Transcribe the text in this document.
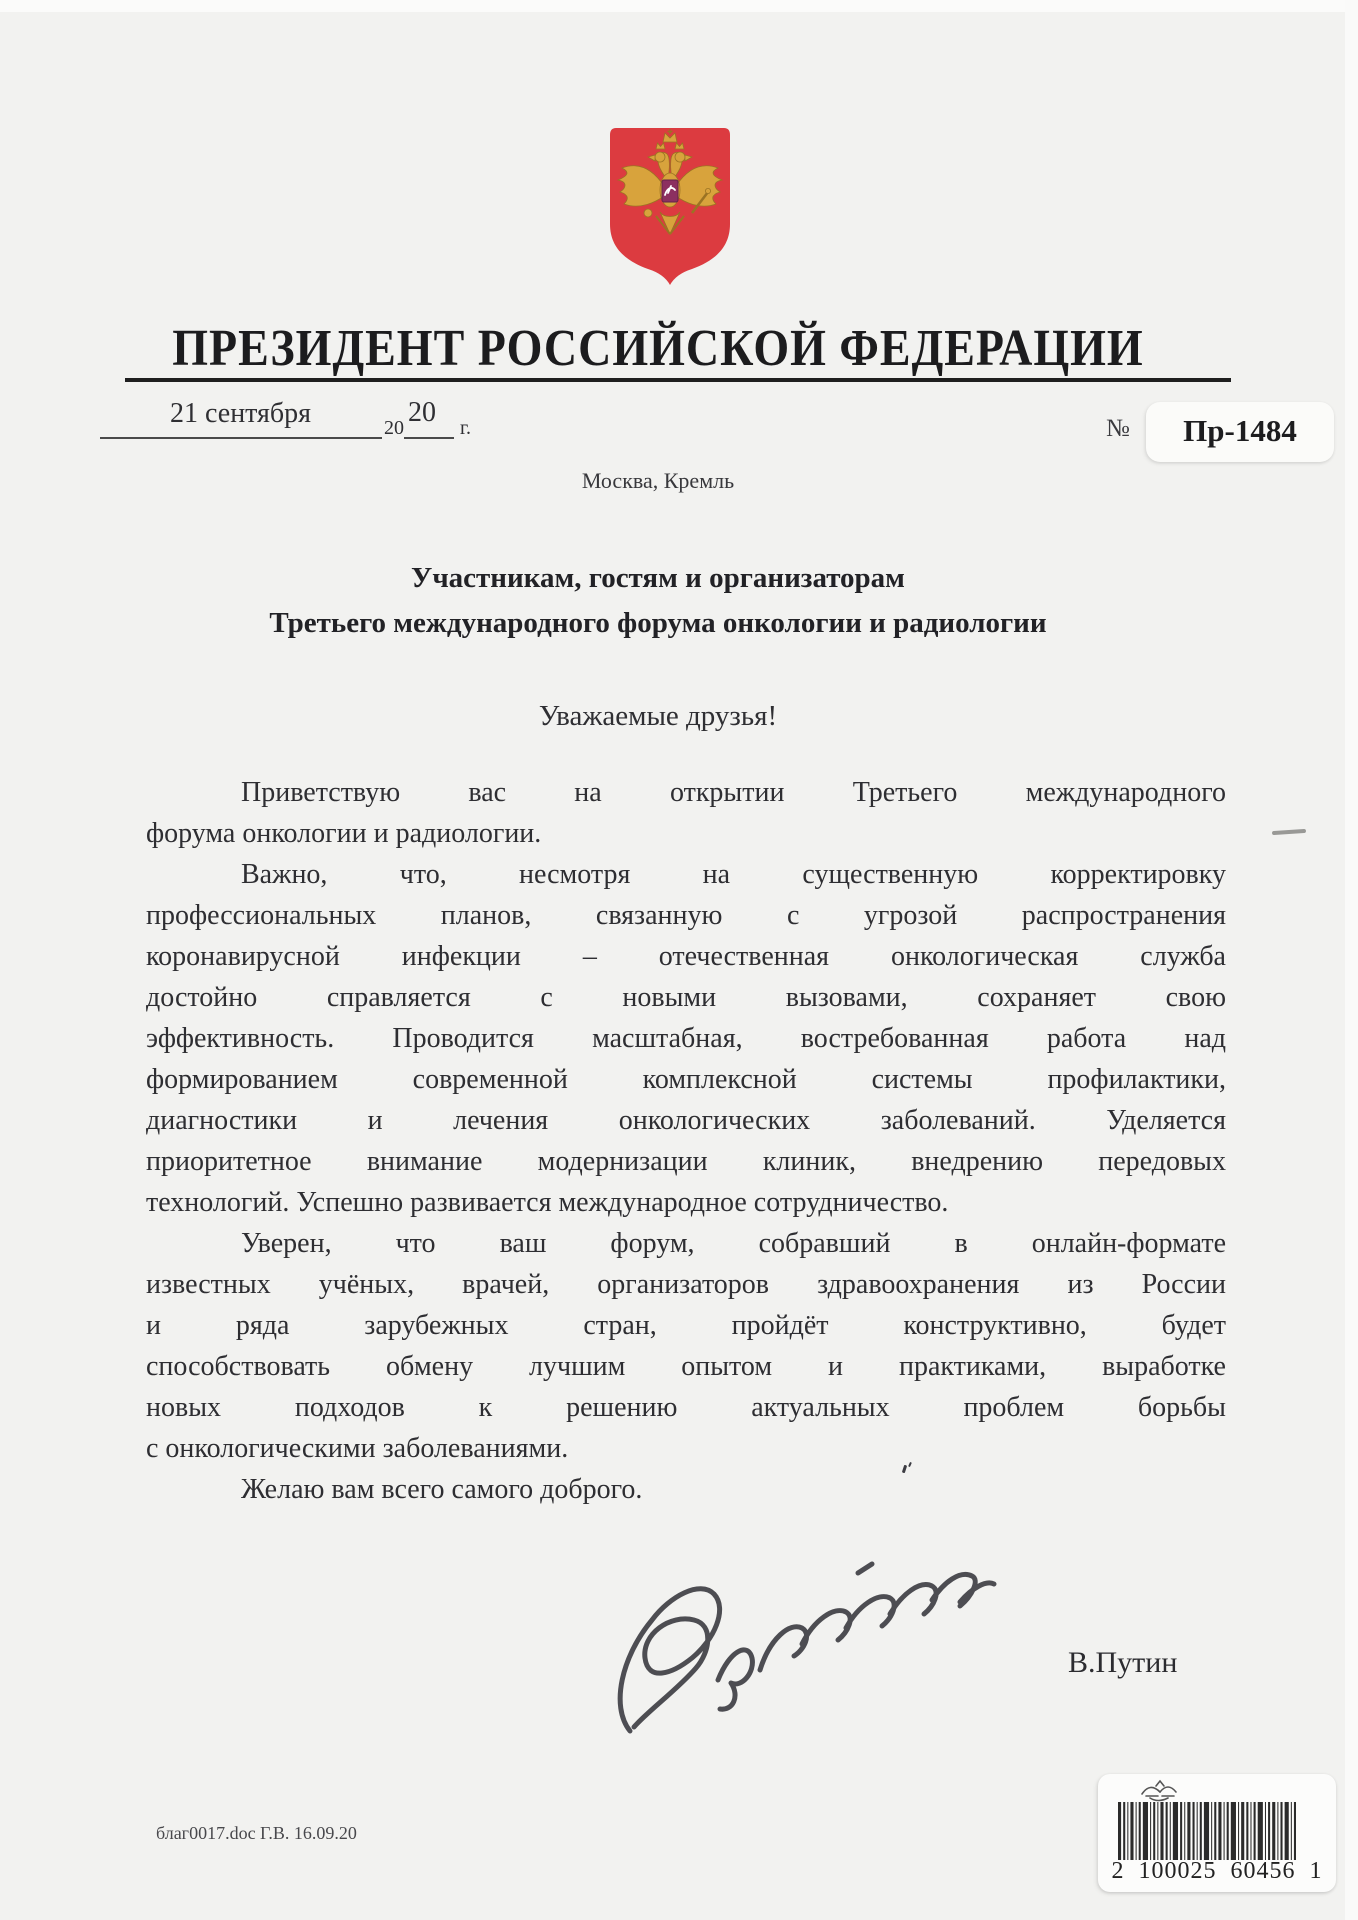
ПРЕЗИДЕНТ РОССИЙСКОЙ ФЕДЕРАЦИИ
21 сентября	20 20 г.	№	Пр-1484
Москва, Кремль
Участникам, гостям и организаторам
Третьего международного форума онкологии и радиологии
Уважаемые друзья!
Приветствую вас на открытии Третьего международного
форума онкологии и радиологии.
Важно, что, несмотря на существенную корректировку
профессиональных планов, связанную с угрозой распространения
коронавирусной инфекции – отечественная онкологическая служба
достойно справляется с новыми вызовами, сохраняет свою
эффективность. Проводится масштабная, востребованная работа над
формированием современной комплексной системы профилактики,
диагностики и лечения онкологических заболеваний. Уделяется
приоритетное внимание модернизации клиник, внедрению передовых
технологий. Успешно развивается международное сотрудничество.
Уверен, что ваш форум, собравший в онлайн-формате
известных учёных, врачей, организаторов здравоохранения из России
и ряда зарубежных стран, пройдёт конструктивно, будет
способствовать обмену лучшим опытом и практиками, выработке
новых подходов к решению актуальных проблем борьбы
с онкологическими заболеваниями.
Желаю вам всего самого доброго.
В.Путин
благ0017.doc Г.В. 16.09.20
2 100025 60456 1
